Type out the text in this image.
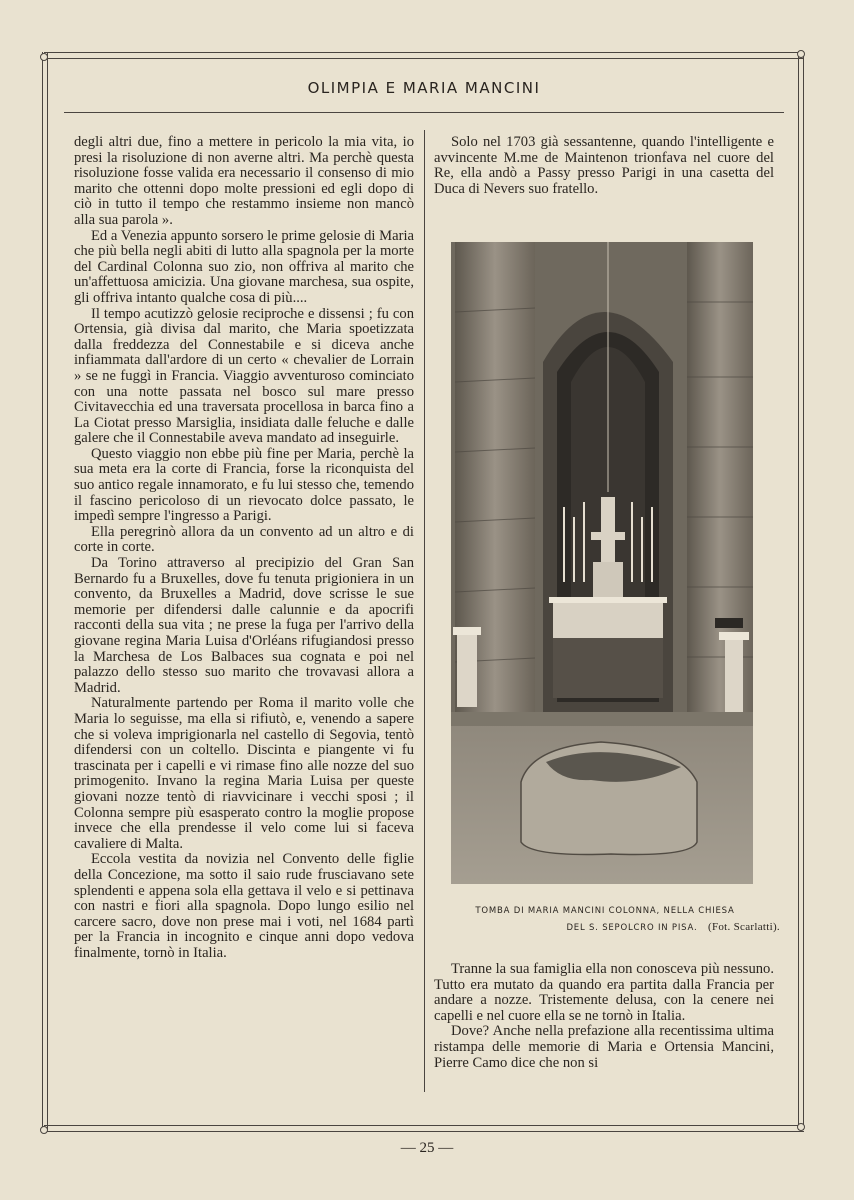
OLIMPIA E MARIA MANCINI

degli altri due, fino a mettere in pericolo la mia vita, io presi la risoluzione di non averne altri. Ma perchè questa risoluzione fosse valida era necessario il consenso di mio marito che ottenni dopo molte pressioni ed egli dopo di ciò in tutto il tempo che restammo insieme non mancò alla sua parola ».

Ed a Venezia appunto sorsero le prime gelosie di Maria che più bella negli abiti di lutto alla spagnola per la morte del Cardinal Colonna suo zio, non offriva al marito che un'affettuosa amicizia. Una giovane marchesa, sua ospite, gli offriva intanto qualche cosa di più....

Il tempo acutizzò gelosie reciproche e dissensi ; fu con Ortensia, già divisa dal marito, che Maria spoetizzata dalla freddezza del Connestabile e si diceva anche infiammata dall'ardore di un certo « chevalier de Lorrain » se ne fuggì in Francia. Viaggio avventuroso cominciato con una notte passata nel bosco sul mare presso Civitavecchia ed una traversata procellosa in barca fino a La Ciotat presso Marsiglia, insidiata dalle feluche e dalle galere che il Connestabile aveva mandato ad inseguirle.

Questo viaggio non ebbe più fine per Maria, perchè la sua meta era la corte di Francia, forse la riconquista del suo antico regale innamorato, e fu lui stesso che, temendo il fascino pericoloso di un rievocato dolce passato, le impedì sempre l'ingresso a Parigi.

Ella peregrinò allora da un convento ad un altro e di corte in corte.

Da Torino attraverso al precipizio del Gran San Bernardo fu a Bruxelles, dove fu tenuta prigioniera in un convento, da Bruxelles a Madrid, dove scrisse le sue memorie per difendersi dalle calunnie e da apocrifi racconti della sua vita ; ne prese la fuga per l'arrivo della giovane regina Maria Luisa d'Orléans rifugiandosi presso la Marchesa de Los Balbaces sua cognata e poi nel palazzo dello stesso suo marito che trovavasi allora a Madrid.

Naturalmente partendo per Roma il marito volle che Maria lo seguisse, ma ella si rifiutò, e, venendo a sapere che si voleva imprigionarla nel castello di Segovia, tentò difendersi con un coltello. Discinta e piangente vi fu trascinata per i capelli e vi rimase fino alle nozze del suo primogenito. Invano la regina Maria Luisa per queste giovani nozze tentò di riavvicinare i vecchi sposi ; il Colonna sempre più esasperato contro la moglie propose invece che ella prendesse il velo come lui si faceva cavaliere di Malta.

Eccola vestita da novizia nel Convento delle figlie della Concezione, ma sotto il saio rude frusciavano sete splendenti e appena sola ella gettava il velo e si pettinava con nastri e fiori alla spagnola. Dopo lungo esilio nel carcere sacro, dove non prese mai i voti, nel 1684 partì per la Francia in incognito e cinque anni dopo vedova finalmente, tornò in Italia.

Solo nel 1703 già sessantenne, quando l'intelligente e avvincente M.me de Maintenon trionfava nel cuore del Re, ella andò a Passy presso Parigi in una casetta del Duca di Nevers suo fratello.

TOMBA DI MARIA MANCINI COLONNA, NELLA CHIESA
DEL S. SEPOLCRO IN PISA. (Fot. Scarlatti).

Tranne la sua famiglia ella non conosceva più nessuno. Tutto era mutato da quando era partita dalla Francia per andare a nozze. Tristemente delusa, con la cenere nei capelli e nel cuore ella se ne tornò in Italia.

Dove? Anche nella prefazione alla recentissima ultima ristampa delle memorie di Maria e Ortensia Mancini, Pierre Camo dice che non si

— 25 —
